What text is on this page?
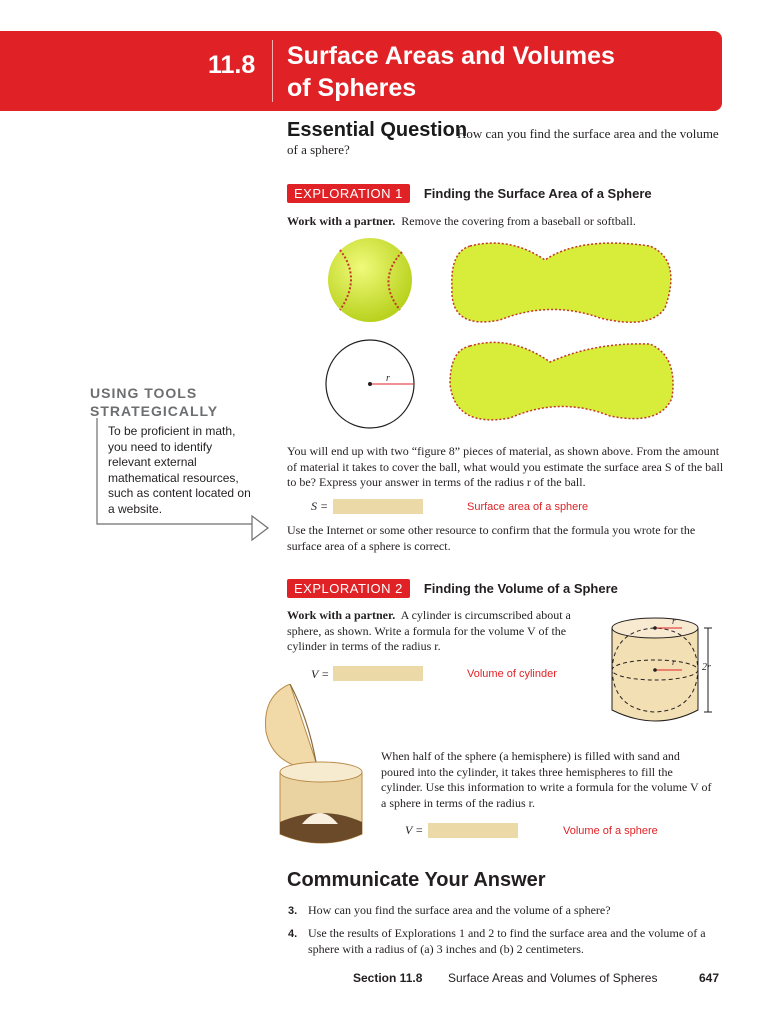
11.8 Surface Areas and Volumes
of Spheres
Essential Question
How can you find the surface area and the volume of a sphere?
EXPLORATION 1 Finding the Surface Area of a Sphere
Work with a partner. Remove the covering from a baseball or softball.
r
USING TOOLS
STRATEGICALLY
To be proficient in math, you need to identify relevant external mathematical resources, such as content located on a website.
You will end up with two “figure 8” pieces of material, as shown above. From the amount of material it takes to cover the ball, what would you estimate the surface area S of the ball to be? Express your answer in terms of the radius r of the ball.
S =	Surface area of a sphere
Use the Internet or some other resource to confirm that the formula you wrote for the surface area of a sphere is correct.
EXPLORATION 2 Finding the Volume of a Sphere
Work with a partner. A cylinder is circumscribed about a sphere, as shown. Write a formula for the volume V of the cylinder in terms of the radius r.
V =	Volume of cylinder
r
r	2r
When half of the sphere (a hemisphere) is filled with sand and poured into the cylinder, it takes three hemispheres to fill the cylinder. Use this information to write a formula for the volume V of a sphere in terms of the radius r.
V =	Volume of a sphere
Communicate Your Answer
3. How can you find the surface area and the volume of a sphere?
4. Use the results of Explorations 1 and 2 to find the surface area and the volume of a sphere with a radius of (a) 3 inches and (b) 2 centimeters.
Section 11.8 Surface Areas and Volumes of Spheres	647
